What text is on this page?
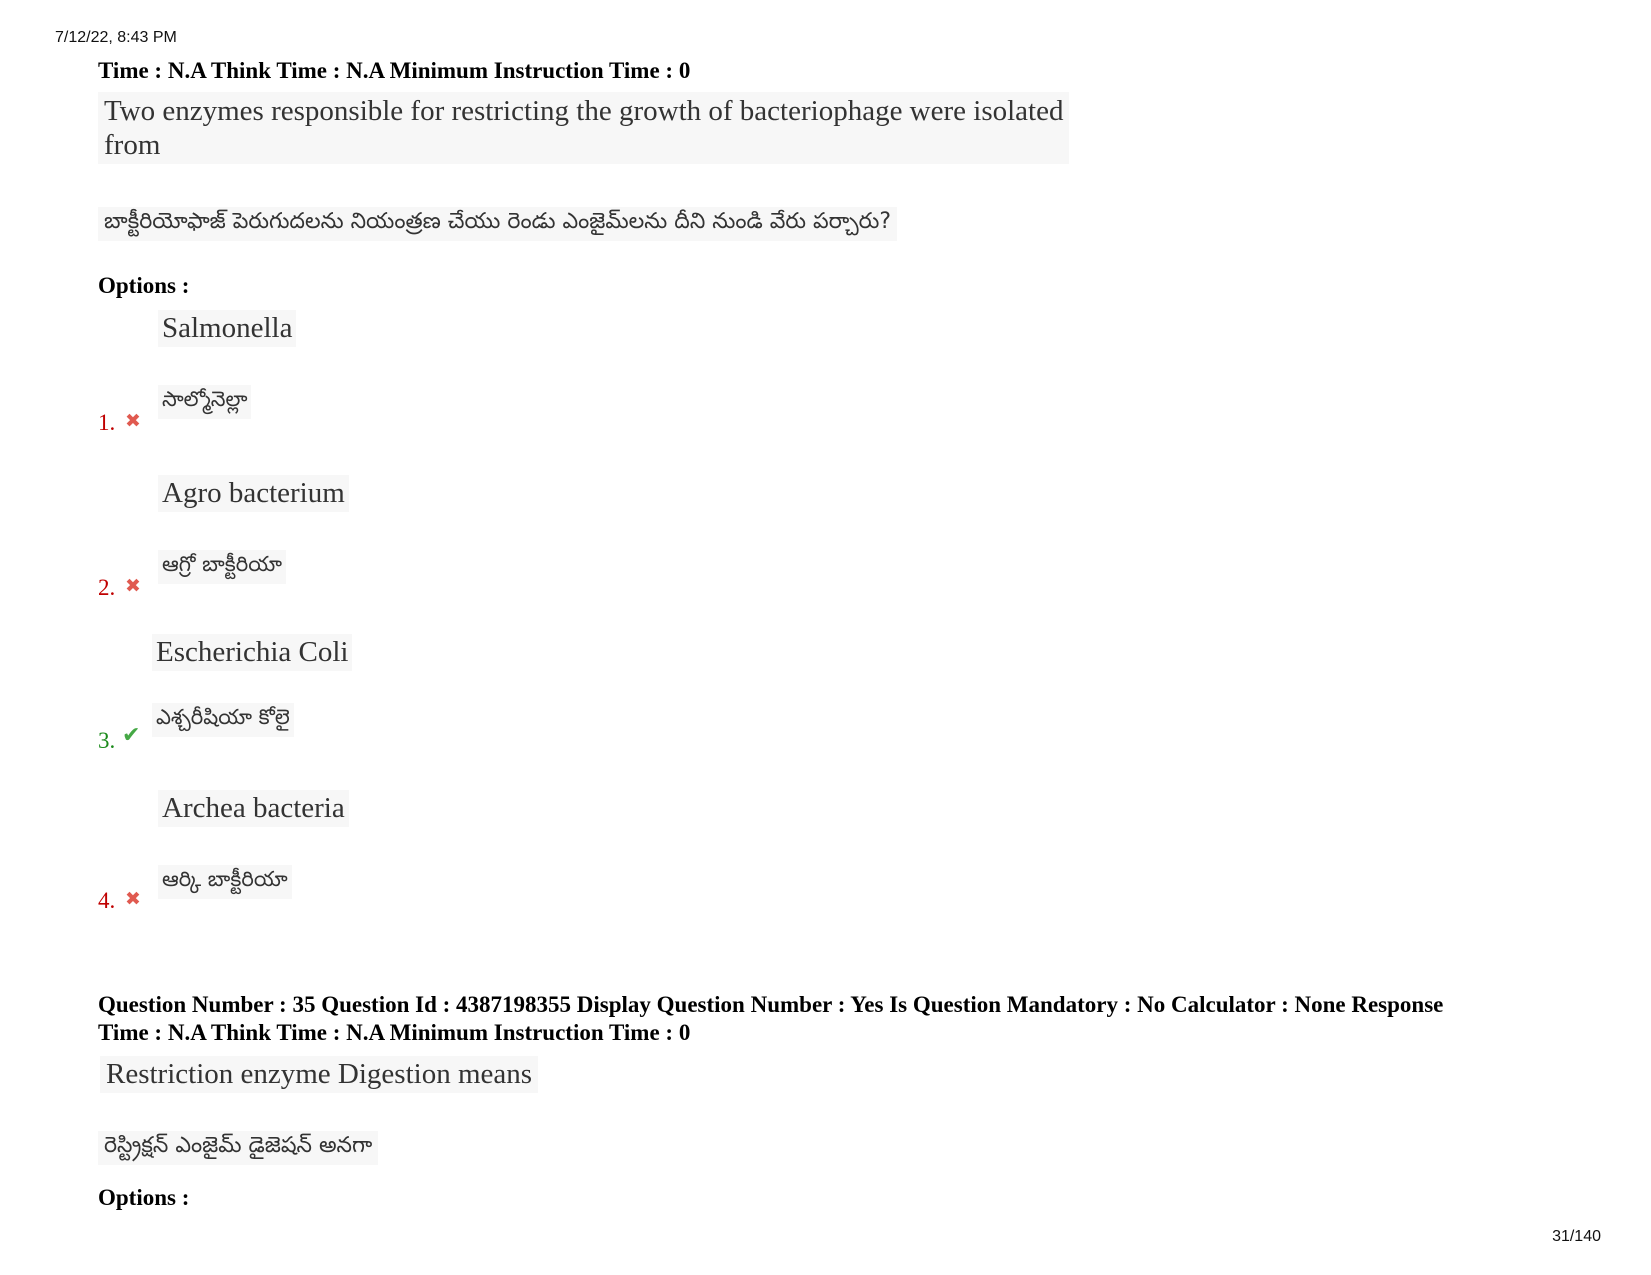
7/12/22, 8:43 PM
Time : N.A Think Time : N.A Minimum Instruction Time : 0
Two enzymes responsible for restricting the growth of bacteriophage were isolated
from
బాక్టీరియోఫాజ్ పెరుగుదలను నియంత్రణ చేయు రెండు ఎంజైమ్‌లను దీని నుండి వేరు పర్చారు?
Options :
Salmonella
సాల్మోనెల్లా
1. ✖
Agro bacterium
ఆగ్రో బాక్టీరియా
2. ✖
Escherichia Coli
ఎశ్చరీషియా కోలై
3. ✔
Archea bacteria
ఆర్కి బాక్టీరియా
4. ✖
Question Number : 35 Question Id : 4387198355 Display Question Number : Yes Is Question Mandatory : No Calculator : None Response
Time : N.A Think Time : N.A Minimum Instruction Time : 0
Restriction enzyme Digestion means
రెస్ట్రిక్షన్ ఎంజైమ్ డైజెషన్ అనగా
Options :
31/140
